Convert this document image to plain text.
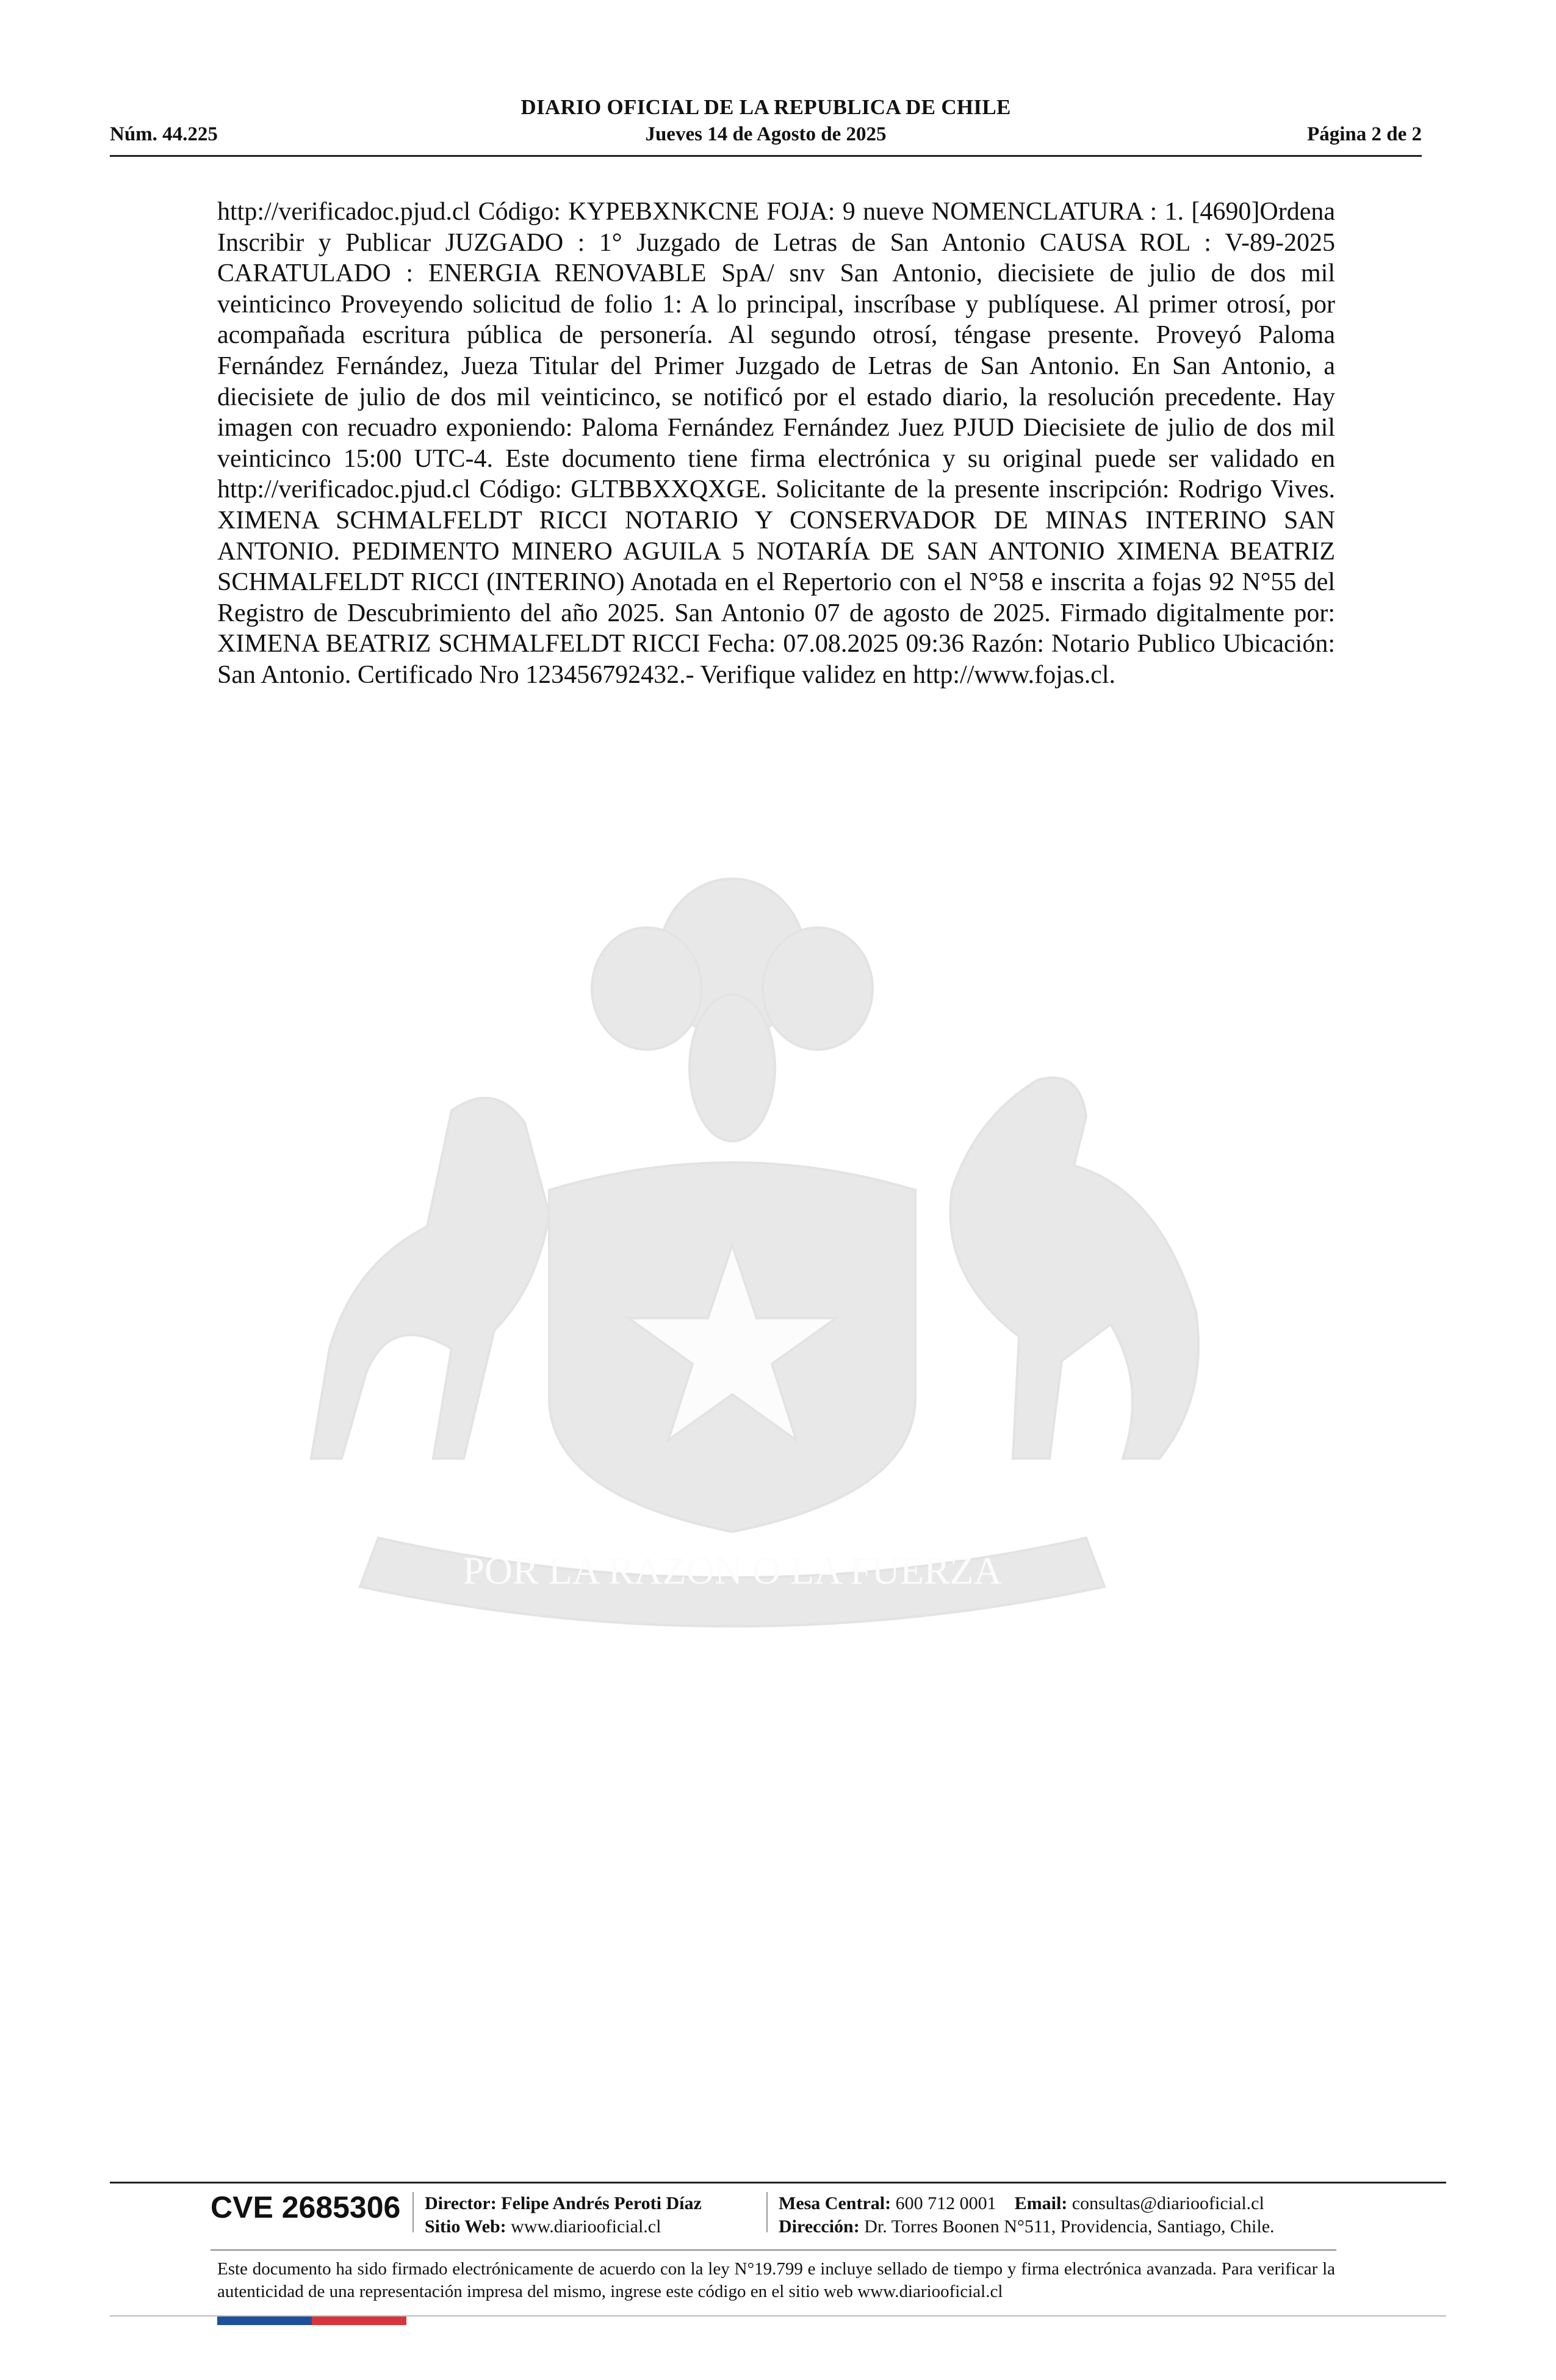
DIARIO OFICIAL DE LA REPUBLICA DE CHILE
Núm. 44.225	Jueves 14 de Agosto de 2025	Página 2 de 2
http://verificadoc.pjud.cl Código: KYPEBXNKCNE FOJA: 9 nueve NOMENCLATURA : 1. [4690]Ordena Inscribir y Publicar JUZGADO : 1° Juzgado de Letras de San Antonio CAUSA ROL : V-89-2025 CARATULADO : ENERGIA RENOVABLE SpA/ snv San Antonio, diecisiete de julio de dos mil veinticinco Proveyendo solicitud de folio 1: A lo principal, inscríbase y publíquese. Al primer otrosí, por acompañada escritura pública de personería. Al segundo otrosí, téngase presente. Proveyó Paloma Fernández Fernández, Jueza Titular del Primer Juzgado de Letras de San Antonio. En San Antonio, a diecisiete de julio de dos mil veinticinco, se notificó por el estado diario, la resolución precedente. Hay imagen con recuadro exponiendo: Paloma Fernández Fernández Juez PJUD Diecisiete de julio de dos mil veinticinco 15:00 UTC-4. Este documento tiene firma electrónica y su original puede ser validado en http://verificadoc.pjud.cl Código: GLTBBXXQXGE. Solicitante de la presente inscripción: Rodrigo Vives. XIMENA SCHMALFELDT RICCI NOTARIO Y CONSERVADOR DE MINAS INTERINO SAN ANTONIO. PEDIMENTO MINERO AGUILA 5 NOTARÍA DE SAN ANTONIO XIMENA BEATRIZ SCHMALFELDT RICCI (INTERINO) Anotada en el Repertorio con el N°58 e inscrita a fojas 92 N°55 del Registro de Descubrimiento del año 2025. San Antonio 07 de agosto de 2025. Firmado digitalmente por: XIMENA BEATRIZ SCHMALFELDT RICCI Fecha: 07.08.2025 09:36 Razón: Notario Publico Ubicación: San Antonio. Certificado Nro 123456792432.- Verifique validez en http://www.fojas.cl.
POR LA RAZON O LA FUERZA
CVE 2685306 Director: Felipe Andrés Peroti Díaz
Sitio Web: www.diariooficial.cl
Mesa Central: 600 712 0001 Email: consultas@diariooficial.cl
Dirección: Dr. Torres Boonen N°511, Providencia, Santiago, Chile.
Este documento ha sido firmado electrónicamente de acuerdo con la ley N°19.799 e incluye sellado de tiempo y firma electrónica avanzada. Para verificar la autenticidad de una representación impresa del mismo, ingrese este código en el sitio web www.diariooficial.cl
